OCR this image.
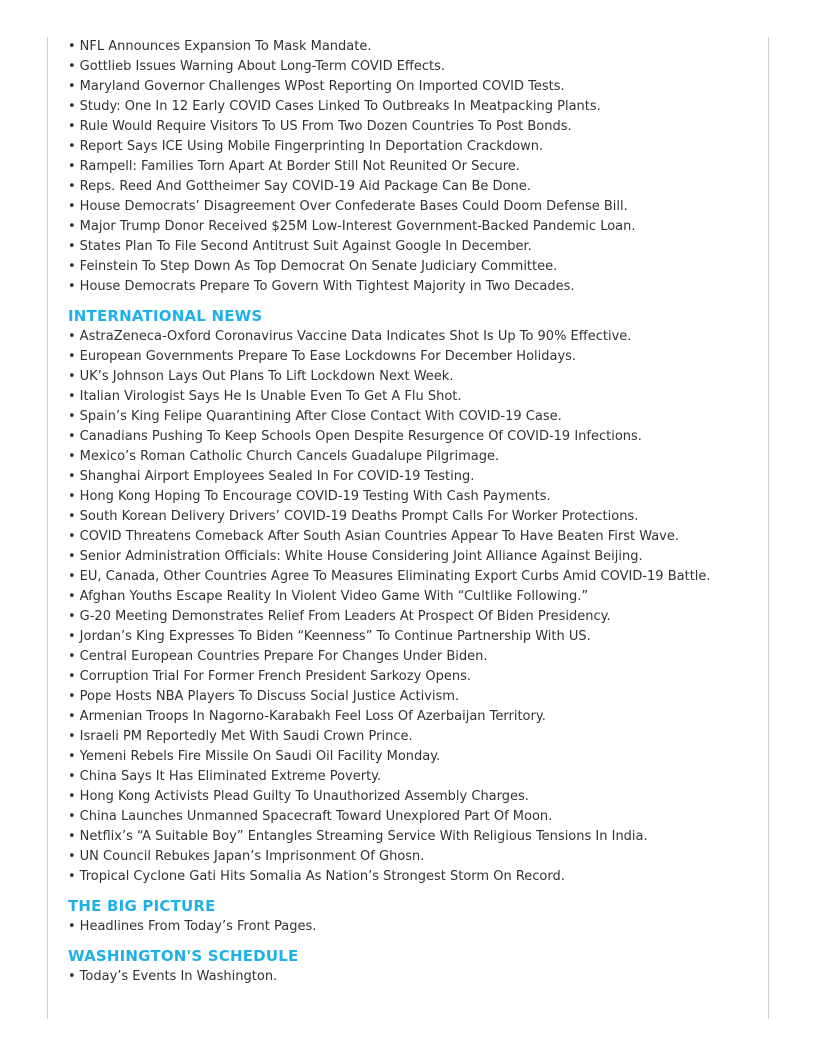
• NFL Announces Expansion To Mask Mandate.
• Gottlieb Issues Warning About Long-Term COVID Effects.
• Maryland Governor Challenges WPost Reporting On Imported COVID Tests.
• Study: One In 12 Early COVID Cases Linked To Outbreaks In Meatpacking Plants.
• Rule Would Require Visitors To US From Two Dozen Countries To Post Bonds.
• Report Says ICE Using Mobile Fingerprinting In Deportation Crackdown.
• Rampell: Families Torn Apart At Border Still Not Reunited Or Secure.
• Reps. Reed And Gottheimer Say COVID-19 Aid Package Can Be Done.
• House Democrats’ Disagreement Over Confederate Bases Could Doom Defense Bill.
• Major Trump Donor Received $25M Low-Interest Government-Backed Pandemic Loan.
• States Plan To File Second Antitrust Suit Against Google In December.
• Feinstein To Step Down As Top Democrat On Senate Judiciary Committee.
• House Democrats Prepare To Govern With Tightest Majority in Two Decades.
INTERNATIONAL NEWS
• AstraZeneca-Oxford Coronavirus Vaccine Data Indicates Shot Is Up To 90% Effective.
• European Governments Prepare To Ease Lockdowns For December Holidays.
• UK’s Johnson Lays Out Plans To Lift Lockdown Next Week.
• Italian Virologist Says He Is Unable Even To Get A Flu Shot.
• Spain’s King Felipe Quarantining After Close Contact With COVID-19 Case.
• Canadians Pushing To Keep Schools Open Despite Resurgence Of COVID-19 Infections.
• Mexico’s Roman Catholic Church Cancels Guadalupe Pilgrimage.
• Shanghai Airport Employees Sealed In For COVID-19 Testing.
• Hong Kong Hoping To Encourage COVID-19 Testing With Cash Payments.
• South Korean Delivery Drivers’ COVID-19 Deaths Prompt Calls For Worker Protections.
• COVID Threatens Comeback After South Asian Countries Appear To Have Beaten First Wave.
• Senior Administration Officials: White House Considering Joint Alliance Against Beijing.
• EU, Canada, Other Countries Agree To Measures Eliminating Export Curbs Amid COVID-19 Battle.
• Afghan Youths Escape Reality In Violent Video Game With “Cultlike Following.”
• G-20 Meeting Demonstrates Relief From Leaders At Prospect Of Biden Presidency.
• Jordan’s King Expresses To Biden “Keenness” To Continue Partnership With US.
• Central European Countries Prepare For Changes Under Biden.
• Corruption Trial For Former French President Sarkozy Opens.
• Pope Hosts NBA Players To Discuss Social Justice Activism.
• Armenian Troops In Nagorno-Karabakh Feel Loss Of Azerbaijan Territory.
• Israeli PM Reportedly Met With Saudi Crown Prince.
• Yemeni Rebels Fire Missile On Saudi Oil Facility Monday.
• China Says It Has Eliminated Extreme Poverty.
• Hong Kong Activists Plead Guilty To Unauthorized Assembly Charges.
• China Launches Unmanned Spacecraft Toward Unexplored Part Of Moon.
• Netflix’s “A Suitable Boy” Entangles Streaming Service With Religious Tensions In India.
• UN Council Rebukes Japan’s Imprisonment Of Ghosn.
• Tropical Cyclone Gati Hits Somalia As Nation’s Strongest Storm On Record.
THE BIG PICTURE
• Headlines From Today’s Front Pages.
WASHINGTON'S SCHEDULE
• Today’s Events In Washington.
